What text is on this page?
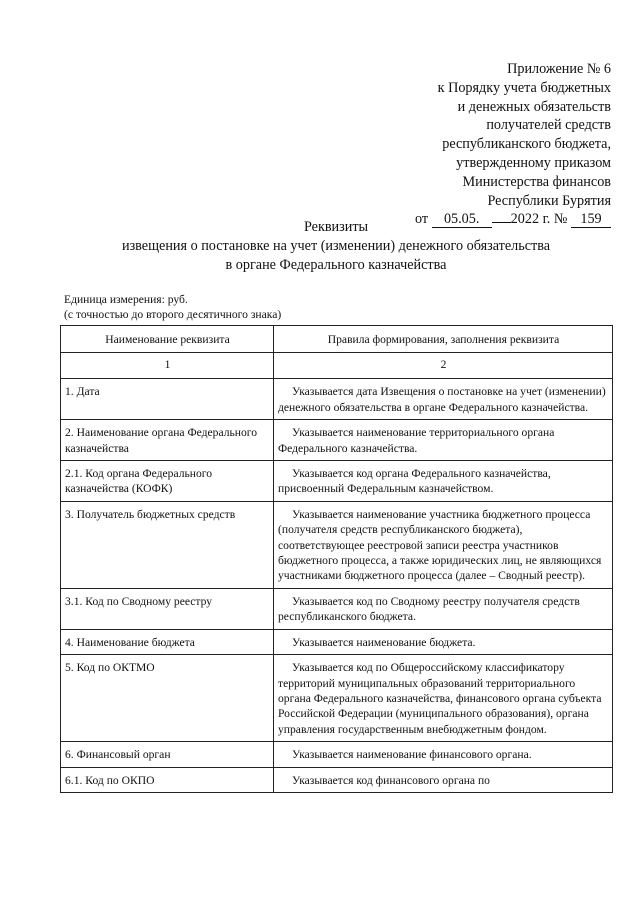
Приложение № 6
к Порядку учета бюджетных
и денежных обязательств
получателей средств
республиканского бюджета,
утвержденному приказом
Министерства финансов
Республики Бурятия
от 05.05. 2022 г. № 159
Реквизиты
извещения о постановке на учет (изменении) денежного обязательства
в органе Федерального казначейства
Единица измерения: руб.
(с точностью до второго десятичного знака)
Наименование реквизита	Правила формирования, заполнения реквизита
1	2
1. Дата	Указывается дата Извещения о постановке на учет (изменении) денежного обязательства в органе Федерального казначейства.
2. Наименование органа Федерального казначейства	Указывается наименование территориального органа Федерального казначейства.
2.1. Код органа Федерального казначейства (КОФК)	Указывается код органа Федерального казначейства, присвоенный Федеральным казначейством.
3. Получатель бюджетных средств	Указывается наименование участника бюджетного процесса (получателя средств республиканского бюджета), соответствующее реестровой записи реестра участников бюджетного процесса, а также юридических лиц, не являющихся участниками бюджетного процесса (далее – Сводный реестр).
3.1. Код по Сводному реестру	Указывается код по Сводному реестру получателя средств республиканского бюджета.
4. Наименование бюджета	Указывается наименование бюджета.
5. Код по ОКТМО	Указывается код по Общероссийскому классификатору территорий муниципальных образований территориального органа Федерального казначейства, финансового органа субъекта Российской Федерации (муниципального образования), органа управления государственным внебюджетным фондом.
6. Финансовый орган	Указывается наименование финансового органа.
6.1. Код по ОКПО	Указывается код финансового органа по
